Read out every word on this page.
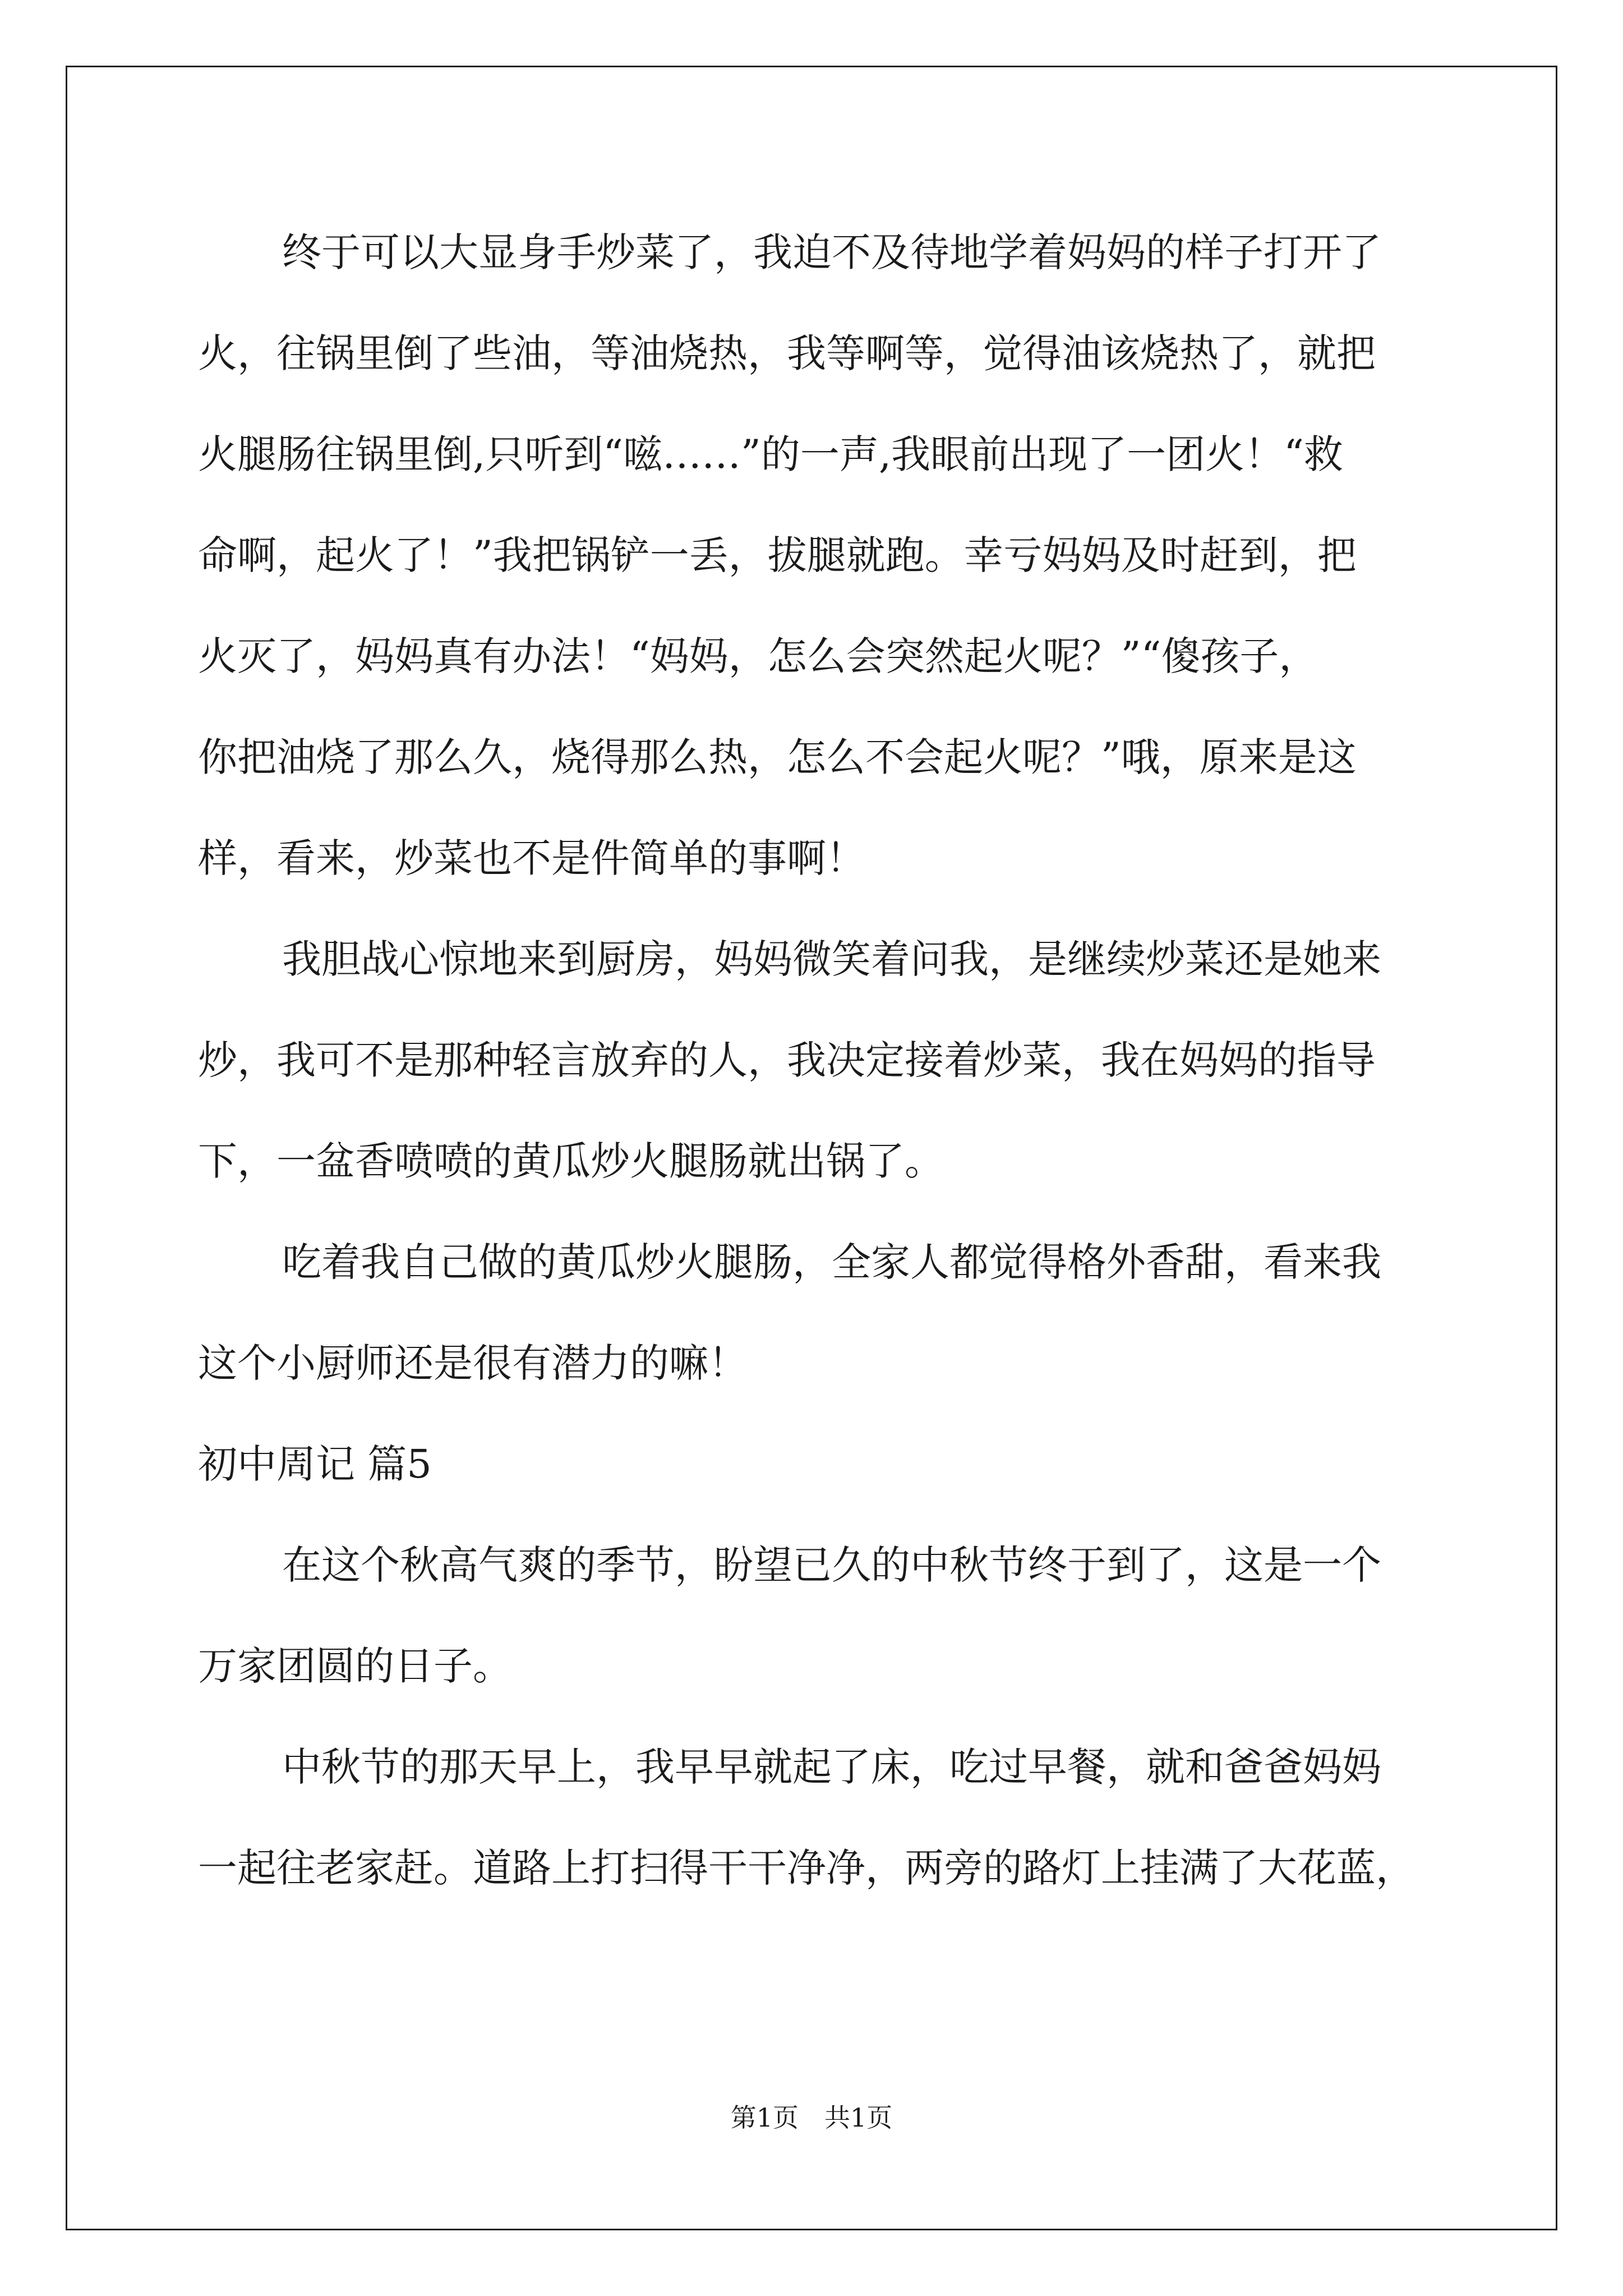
终于可以大显身手炒菜了，我迫不及待地学着妈妈的样子打开了
火，往锅里倒了些油，等油烧热，我等啊等，觉得油该烧热了，就把
火腿肠往锅里倒,只听到“嗞……”的一声,我眼前出现了一团火！“救
命啊，起火了！”我把锅铲一丢，拔腿就跑。幸亏妈妈及时赶到，把
火灭了，妈妈真有办法！“妈妈，怎么会突然起火呢？”“傻孩子，
你把油烧了那么久，烧得那么热，怎么不会起火呢？”哦，原来是这
样，看来，炒菜也不是件简单的事啊！
我胆战心惊地来到厨房，妈妈微笑着问我，是继续炒菜还是她来
炒，我可不是那种轻言放弃的人，我决定接着炒菜，我在妈妈的指导
下，一盆香喷喷的黄瓜炒火腿肠就出锅了。
吃着我自己做的黄瓜炒火腿肠，全家人都觉得格外香甜，看来我
这个小厨师还是很有潜力的嘛！
初中周记 篇5
在这个秋高气爽的季节，盼望已久的中秋节终于到了，这是一个
万家团圆的日子。
中秋节的那天早上，我早早就起了床，吃过早餐，就和爸爸妈妈
一起往老家赶。道路上打扫得干干净净，两旁的路灯上挂满了大花蓝，
第1页　共1页
